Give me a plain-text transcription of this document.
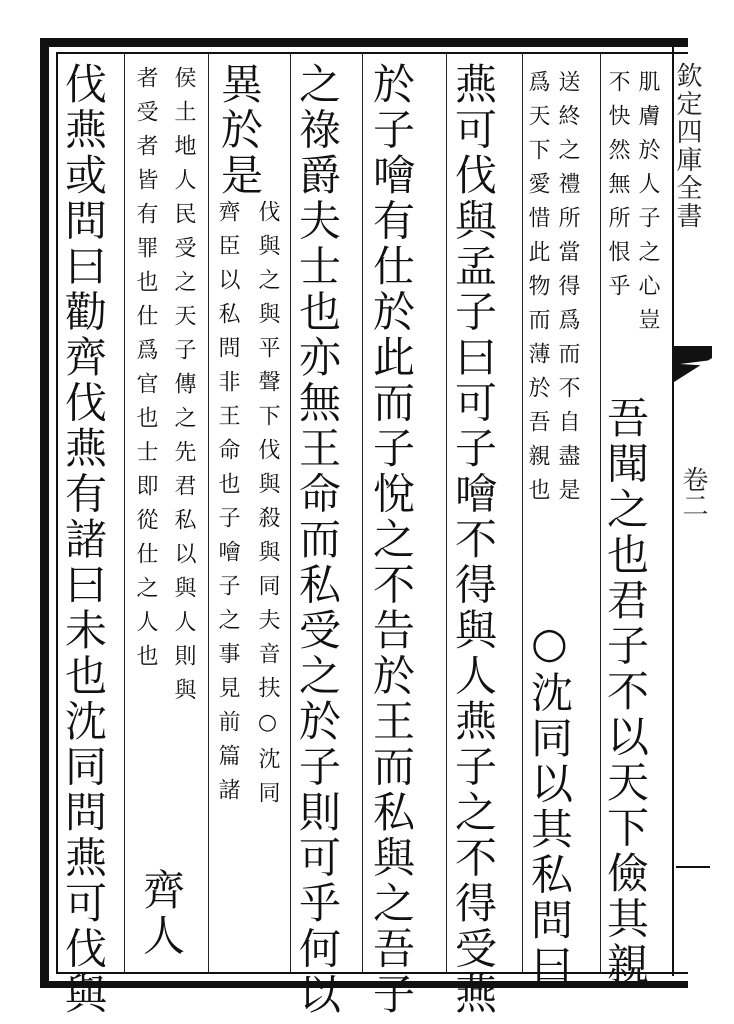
欽定四庫全書
卷二
肌膚於人子之心豈
不快然無所恨乎
吾聞之也君子不以天下儉其親
送終之禮所當得爲而不自盡是
爲天下愛惜此物而薄於吾親也
○沈同以其私問曰
燕可伐與孟子曰可子噲不得與人燕子之不得受燕
於子噲有仕於此而子悅之不告於王而私與之吾子
之祿爵夫士也亦無王命而私受之於子則可乎何以
異於是
伐與之與平聲下伐與殺與同夫音扶○沈同
齊臣以私問非王命也子噲子之事見前篇諸
侯土地人民受之天子傳之先君私以與人則與
者受者皆有罪也仕爲官也士即從仕之人也
齊人
伐燕或問曰勸齊伐燕有諸曰未也沈同問燕可伐與
